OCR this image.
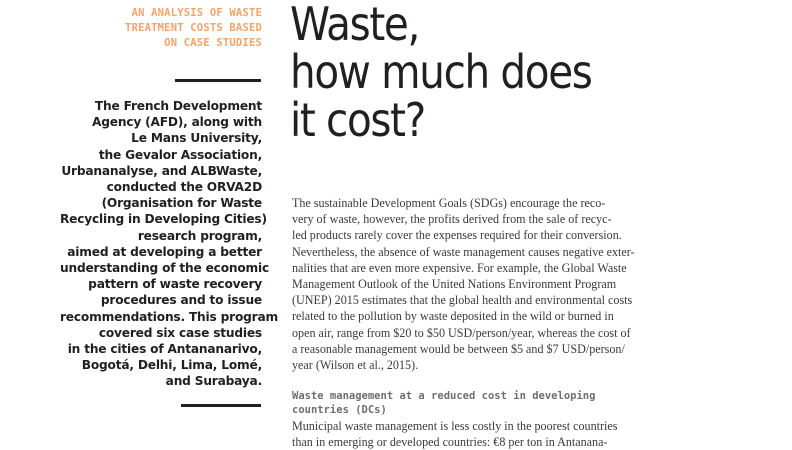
AN ANALYSIS OF WASTE
TREATMENT COSTS BASED
ON CASE STUDIES
The French Development
Agency (AFD), along with
Le Mans University,
the Gevalor Association,
Urbananalyse, and ALBWaste,
conducted the ORVA2D
(Organisation for Waste
Recycling in Developing Cities)
research program,
aimed at developing a better
understanding of the economic
pattern of waste recovery
procedures and to issue
recommendations. This program
covered six case studies
in the cities of Antananarivo,
Bogotá, Delhi, Lima, Lomé,
and Surabaya.
Waste,
how much does
it cost?
The sustainable Development Goals (SDGs) encourage the reco-
very of waste, however, the profits derived from the sale of recyc-
led products rarely cover the expenses required for their conversion.
Nevertheless, the absence of waste management causes negative exter-
nalities that are even more expensive. For example, the Global Waste
Management Outlook of the United Nations Environment Program
(UNEP) 2015 estimates that the global health and environmental costs
related to the pollution by waste deposited in the wild or burned in
open air, range from $20 to $50 USD/person/year, whereas the cost of
a reasonable management would be between $5 and $7 USD/person/
year (Wilson et al., 2015).
Waste management at a reduced cost in developing
countries (DCs)
Municipal waste management is less costly in the poorest countries
than in emerging or developed countries: €8 per ton in Antanana-
